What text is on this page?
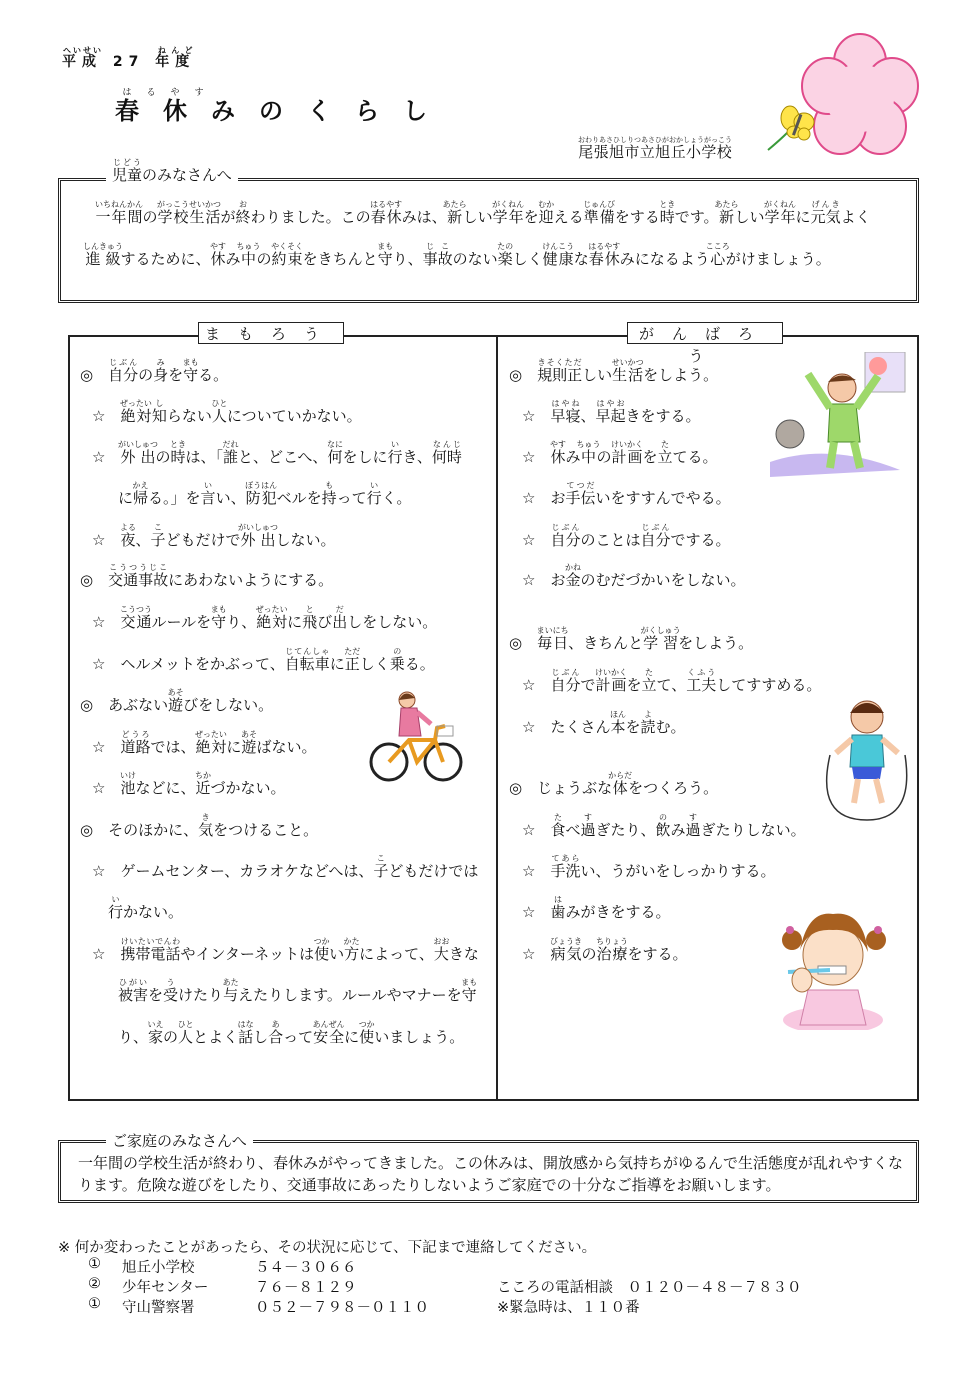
平成へいせい 27 年度ねんど
春はる休やすみのくらし
尾張旭市立旭丘小学校おわりあさひしりつあさひがおかしょうがっこう
児童じどうのみなさんへ
一年間いちねんかんの学校生活がっこうせいかつが終おわりました。この春休はるやすみは、新あたらしい学年がくねんを迎むかえる準備じゅんびをする時ときです。新あたらしい学年がくねんに元気げんきよく
進級しんきゅうするために、休やすみ中ちゅうの約束やくそくをきちんと守まもり、事故じこのない楽たのしく健康けんこうな春休はるやすみになるよう心こころがけましょう。
まもろう	がんばろう
◎　自分じぶんの身みを守まもる。
☆　絶対ぜったい知しらない人ひとについていかない。
☆　外出がいしゅつの時ときは、「誰だれと、どこへ、何なにをしに行いき、何時なんじ
に帰かえる。」を言いい、防犯ぼうはんベルを持もって行いく。
☆　夜よる、子こどもだけで外出がいしゅつしない。
◎　交通事故こうつうじこにあわないようにする。
☆　交通こうつうルールを守まもり、絶対ぜったいに飛とび出だしをしない。
☆　ヘルメットをかぶって、自転車じてんしゃに正ただしく乗のる。
◎　あぶない遊あそびをしない。
☆　道路どうろでは、絶対ぜったいに遊あそばない。
☆　池いけなどに、近ちかづかない。
◎　そのほかに、気きをつけること。
☆　ゲームセンター、カラオケなどへは、子こどもだけでは
行いかない。
☆　携帯電話けいたいでんわやインターネットは使つかい方かたによって、大おおきな
被害ひがいを受うけたり与あたえたりします。ルールやマナーを守まも
り、家いえの人ひととよく話はなし合あって安全あんぜんに使つかいましょう。
◎　規則正きそくただしい生活せいかつをしよう。
☆　早寝はやね、早起はやおきをする。
☆　休やすみ中ちゅうの計画けいかくを立たてる。
☆　お手伝てつだいをすすんでやる。
☆　自分じぶんのことは自分じぶんでする。
☆　お金かねのむだづかいをしない。
◎　毎日まいにち、きちんと学習がくしゅうをしよう。
☆　自分じぶんで計画けいかくを立たて、工夫くふうしてすすめる。
☆　たくさん本ほんを読よむ。
◎　じょうぶな体からだをつくろう。
☆　食たべ過すぎたり、飲のみ過すぎたりしない。
☆　手洗てあらい、うがいをしっかりする。
☆　歯はみがきをする。
☆　病気びょうきの治療ちりょうをする。
ご家庭のみなさんへ
一年間の学校生活が終わり、春休みがやってきました。この休みは、開放感から気持ちがゆるんで生活態度が乱れやすくなります。危険な遊びをしたり、交通事故にあったりしないようご家庭での十分なご指導をお願いします。
※ 何か変わったことがあったら、その状況に応じて、下記まで連絡してください。
① 旭丘小学校	５４－３０６６
② 少年センター	７６－８１２９	こころの電話相談　０１２０－４８－７８３０
① 守山警察署	０５２－７９８－０１１０	※緊急時は、１１０番
